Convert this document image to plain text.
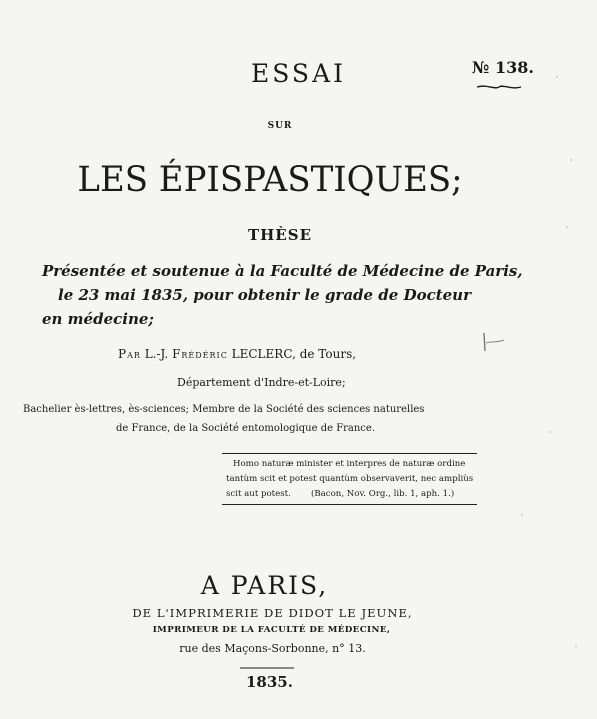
ESSAI	№ 138.
SUR
LES ÉPISPASTIQUES;
THÈSE
Présentée et soutenue à la Faculté de Médecine de Paris,
le 23 mai 1835, pour obtenir le grade de Docteur
en médecine;
Par L.-J. Frédéric LECLERC, de Tours,
Département d'Indre-et-Loire;
Bachelier ès-lettres, ès-sciences; Membre de la Société des sciences naturelles
de France, de la Société entomologique de France.
Homo naturæ minister et interpres de naturæ ordine
tantùm scit et potest quantùm observaverit, nec ampliùs
scit aut potest. (Bacon, Nov. Org., lib. 1, aph. 1.)
A PARIS,
DE L'IMPRIMERIE DE DIDOT LE JEUNE,
IMPRIMEUR DE LA FACULTÉ DE MÉDECINE,
rue des Maçons-Sorbonne, n° 13.
1835.
